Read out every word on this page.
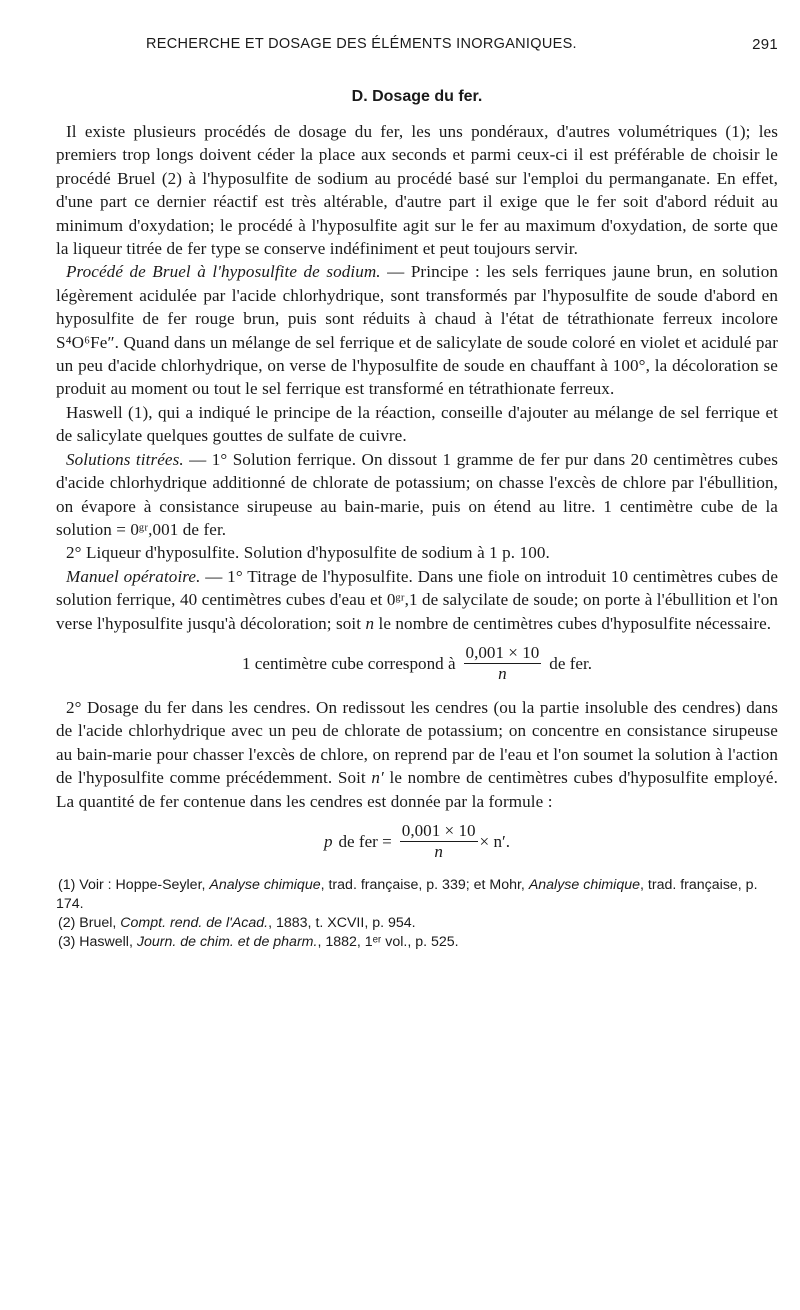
RECHERCHE ET DOSAGE DES ÉLÉMENTS INORGANIQUES.	291
D. Dosage du fer.

Il existe plusieurs procédés de dosage du fer, les uns pondéraux, d'autres volumétriques (1); les premiers trop longs doivent céder la place aux seconds et parmi ceux-ci il est préférable de choisir le procédé Bruel (2) à l'hyposulfite de sodium au procédé basé sur l'emploi du permanganate. En effet, d'une part ce dernier réactif est très altérable, d'autre part il exige que le fer soit d'abord réduit au minimum d'oxydation; le procédé à l'hyposulfite agit sur le fer au maximum d'oxydation, de sorte que la liqueur titrée de fer type se conserve indéfiniment et peut toujours servir.

Procédé de Bruel à l'hyposulfite de sodium. — Principe : les sels ferriques jaune brun, en solution légèrement acidulée par l'acide chlorhydrique, sont transformés par l'hyposulfite de soude d'abord en hyposulfite de fer rouge brun, puis sont réduits à chaud à l'état de tétrathionate ferreux incolore S⁴O⁶Fe″. Quand dans un mélange de sel ferrique et de salicylate de soude coloré en violet et acidulé par un peu d'acide chlorhydrique, on verse de l'hyposulfite de soude en chauffant à 100°, la décoloration se produit au moment ou tout le sel ferrique est transformé en tétrathionate ferreux.

Haswell (1), qui a indiqué le principe de la réaction, conseille d'ajouter au mélange de sel ferrique et de salicylate quelques gouttes de sulfate de cuivre.

Solutions titrées. — 1° Solution ferrique. On dissout 1 gramme de fer pur dans 20 centimètres cubes d'acide chlorhydrique additionné de chlorate de potassium; on chasse l'excès de chlore par l'ébullition, on évapore à consistance sirupeuse au bain-marie, puis on étend au litre. 1 centimètre cube de la solution = 0ᵍʳ,001 de fer.

2° Liqueur d'hyposulfite. Solution d'hyposulfite de sodium à 1 p. 100.

Manuel opératoire. — 1° Titrage de l'hyposulfite. Dans une fiole on introduit 10 centimètres cubes de solution ferrique, 40 centimètres cubes d'eau et 0ᵍʳ,1 de salycilate de soude; on porte à l'ébullition et l'on verse l'hyposulfite jusqu'à décoloration; soit n le nombre de centimètres cubes d'hyposulfite nécessaire.

1 centimètre cube correspond à $\frac{0,001 \times 10}{n}$ de fer.

2° Dosage du fer dans les cendres. On redissout les cendres (ou la partie insoluble des cendres) dans de l'acide chlorhydrique avec un peu de chlorate de potassium; on concentre en consistance sirupeuse au bain-marie pour chasser l'excès de chlore, on reprend par de l'eau et l'on soumet la solution à l'action de l'hyposulfite comme précédemment. Soit n′ le nombre de centimètres cubes d'hyposulfite employé. La quantité de fer contenue dans les cendres est donnée par la formule :

p de fer = $\frac{0,001 \times 10}{n} \times n'$.

(1) Voir : Hoppe-Seyler, Analyse chimique, trad. française, p. 339; et Mohr, Analyse chimique, trad. française, p. 174.

(2) Bruel, Compt. rend. de l'Acad., 1883, t. XCVII, p. 954.

(3) Haswell, Journ. de chim. et de pharm., 1882, 1ᵉʳ vol., p. 525.
